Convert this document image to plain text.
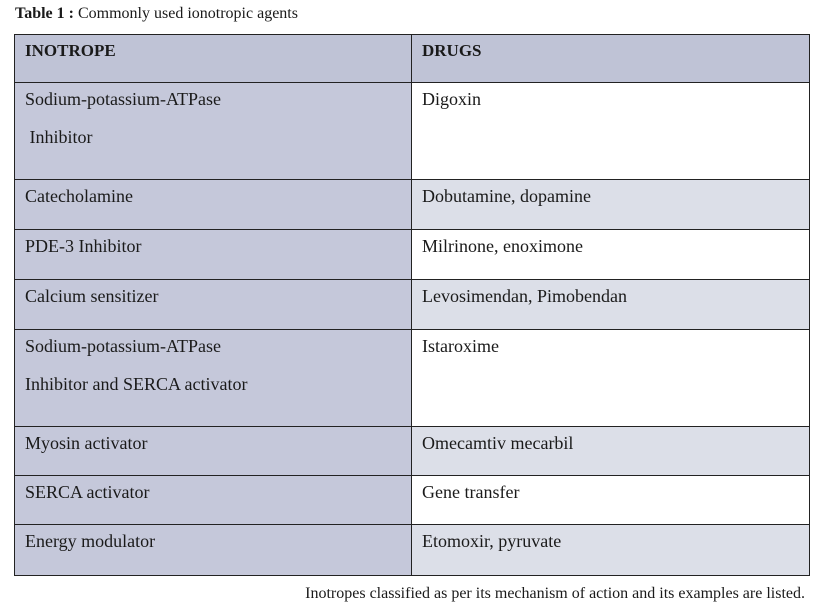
Table 1 : Commonly used ionotropic agents
INOTROPE	DRUGS

Sodium-potassium-ATPase
Inhibitor	Digoxin
Catecholamine	Dobutamine, dopamine
PDE-3 Inhibitor	Milrinone, enoximone
Calcium sensitizer	Levosimendan, Pimobendan

Sodium-potassium-ATPase
Inhibitor and SERCA activator	Istaroxime
Myosin activator	Omecamtiv mecarbil
SERCA activator	Gene transfer
Energy modulator	Etomoxir, pyruvate
Inotropes classified as per its mechanism of action and its examples are listed.
